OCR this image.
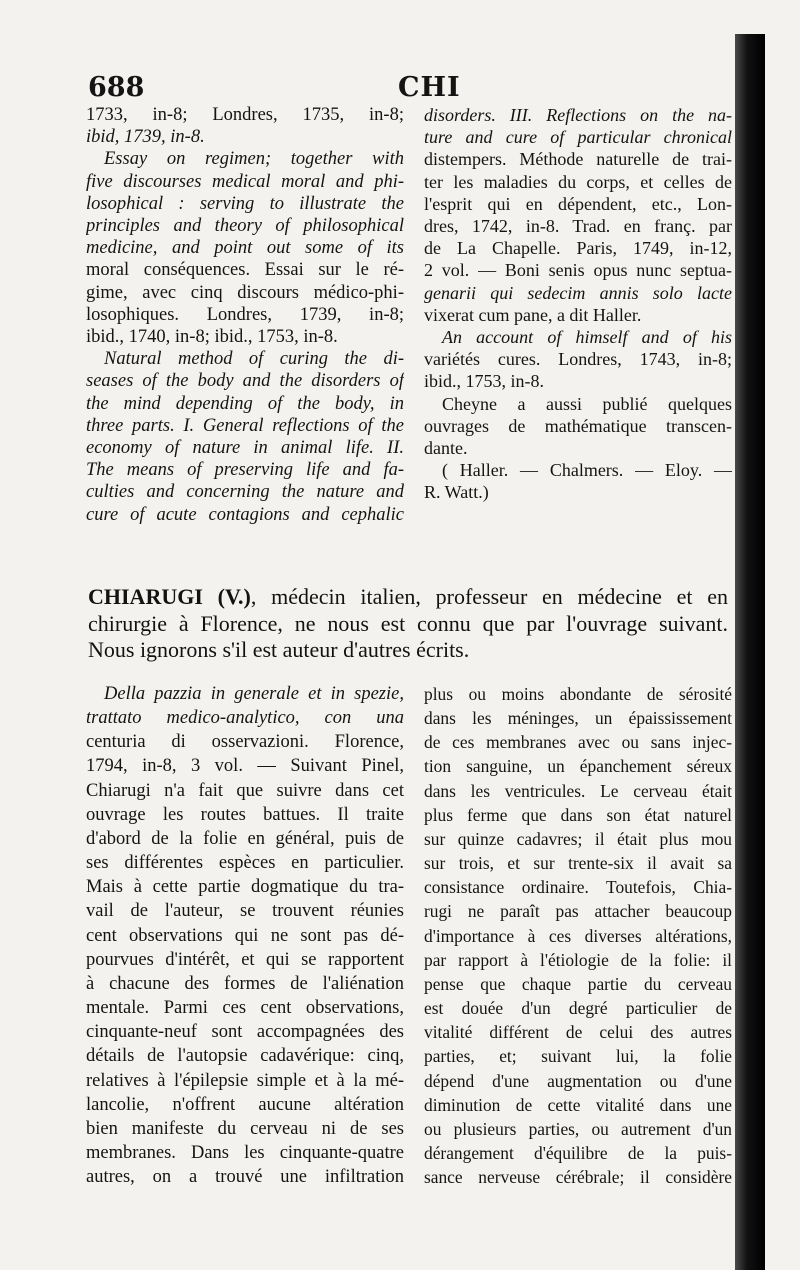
688	CHI

1733, in-8; Londres, 1735, in-8;
ibid, 1739, in-8.

Essay on regimen; together with
five discourses medical moral and phi-
losophical : serving to illustrate the
principles and theory of philosophical
medicine, and point out some of its
moral conséquences. Essai sur le ré-
gime, avec cinq discours médico-phi-
losophiques. Londres, 1739, in-8;
ibid., 1740, in-8; ibid., 1753, in-8.

Natural method of curing the di-
seases of the body and the disorders of
the mind depending of the body, in
three parts. I. General reflections of the
economy of nature in animal life. II.
The means of preserving life and fa-
culties and concerning the nature and
cure of acute contagions and cephalic

disorders. III. Reflections on the na-
ture and cure of particular chronical
distempers. Méthode naturelle de trai-
ter les maladies du corps, et celles de
l'esprit qui en dépendent, etc., Lon-
dres, 1742, in-8. Trad. en franç. par
de La Chapelle. Paris, 1749, in-12,
2 vol. — Boni senis opus nunc septua-
genarii qui sedecim annis solo lacte
vixerat cum pane, a dit Haller.

An account of himself and of his
variétés cures. Londres, 1743, in-8;
ibid., 1753, in-8.

Cheyne a aussi publié quelques
ouvrages de mathématique transcen-
dante.

( Haller. — Chalmers. — Eloy. —
R. Watt.)

CHIARUGI (V.), médecin italien, professeur en médecine et en
chirurgie à Florence, ne nous est connu que par l'ouvrage suivant.
Nous ignorons s'il est auteur d'autres écrits.
Della pazzia in generale et in spezie,
trattato medico-analytico, con una
centuria di osservazioni. Florence,
1794, in-8, 3 vol. — Suivant Pinel,
Chiarugi n'a fait que suivre dans cet
ouvrage les routes battues. Il traite
d'abord de la folie en général, puis de
ses différentes espèces en particulier.
Mais à cette partie dogmatique du tra-
vail de l'auteur, se trouvent réunies
cent observations qui ne sont pas dé-
pourvues d'intérêt, et qui se rapportent
à chacune des formes de l'aliénation
mentale. Parmi ces cent observations,
cinquante-neuf sont accompagnées des
détails de l'autopsie cadavérique: cinq,
relatives à l'épilepsie simple et à la mé-
lancolie, n'offrent aucune altération
bien manifeste du cerveau ni de ses
membranes. Dans les cinquante-quatre
autres, on a trouvé une infiltration
plus ou moins abondante de sérosité
dans les méninges, un épaississement
de ces membranes avec ou sans injec-
tion sanguine, un épanchement séreux
dans les ventricules. Le cerveau était
plus ferme que dans son état naturel
sur quinze cadavres; il était plus mou
sur trois, et sur trente-six il avait sa
consistance ordinaire. Toutefois, Chia-
rugi ne paraît pas attacher beaucoup
d'importance à ces diverses altérations,
par rapport à l'étiologie de la folie: il
pense que chaque partie du cerveau
est douée d'un degré particulier de
vitalité différent de celui des autres
parties, et; suivant lui, la folie
dépend d'une augmentation ou d'une
diminution de cette vitalité dans une
ou plusieurs parties, ou autrement d'un
dérangement d'équilibre de la puis-
sance nerveuse cérébrale; il considère
